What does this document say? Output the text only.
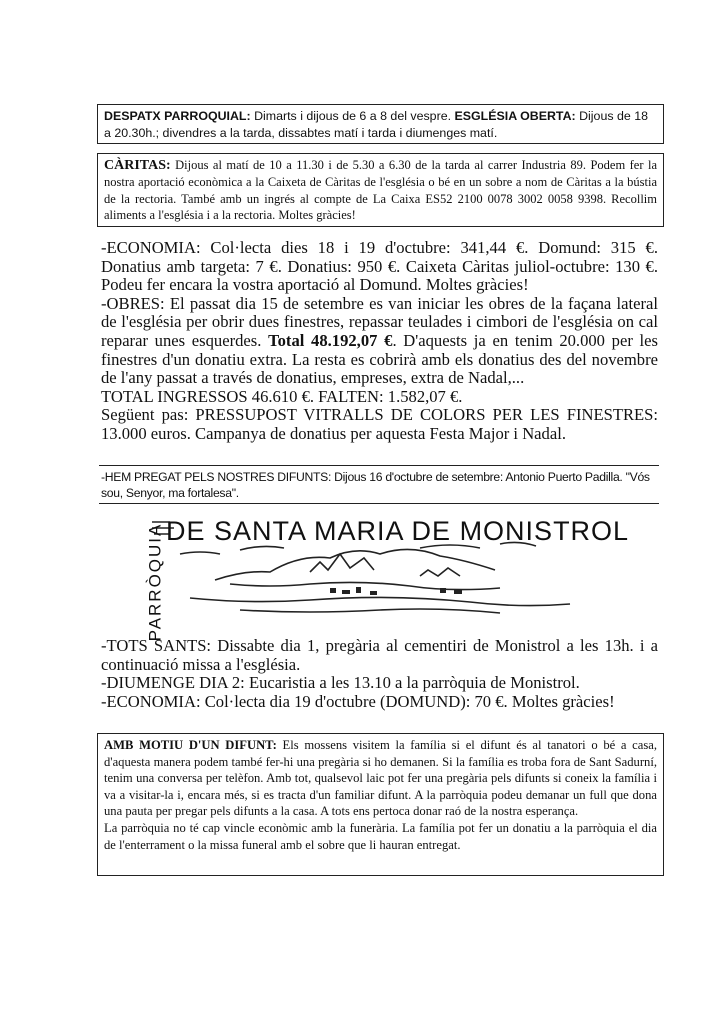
DESPATX PARROQUIAL: Dimarts i dijous de 6 a 8 del vespre. ESGLÉSIA OBERTA: Dijous de 18 a 20.30h.; divendres a la tarda, dissabtes matí i tarda i diumenges matí.
CÀRITAS: Dijous al matí de 10 a 11.30 i de 5.30 a 6.30 de la tarda al carrer Industria 89. Podem fer la nostra aportació econòmica a la Caixeta de Càritas de l'església o bé en un sobre a nom de Càritas a la bústia de la rectoria. També amb un ingrés al compte de La Caixa ES52 2100 0078 3002 0058 9398. Recollim aliments a l'església i a la rectoria. Moltes gràcies!

-ECONOMIA: Col·lecta dies 18 i 19 d'octubre: 341,44 €. Domund: 315 €. Donatius amb targeta: 7 €. Donatius: 950 €. Caixeta Càritas juliol-octubre: 130 €. Podeu fer encara la vostra aportació al Domund. Moltes gràcies!

-OBRES: El passat dia 15 de setembre es van iniciar les obres de la façana lateral de l'església per obrir dues finestres, repassar teulades i cimbori de l'església on cal reparar unes esquerdes. Total 48.192,07 €. D'aquests ja en tenim 20.000 per les finestres d'un donatiu extra. La resta es cobrirà amb els donatius des del novembre de l'any passat a través de donatius, empreses, extra de Nadal,...

TOTAL INGRESSOS 46.610 €. FALTEN: 1.582,07 €.

Següent pas: PRESSUPOST VITRALLS DE COLORS PER LES FINESTRES: 13.000 euros. Campanya de donatius per aquesta Festa Major i Nadal.

-HEM PREGAT PELS NOSTRES DIFUNTS: Dijous 16 d'octubre de setembre: Antonio Puerto Padilla. "Vós sou, Senyor, ma fortalesa".
DE SANTA MARIA DE MONISTROL
PARRÒQUIA

-TOTS SANTS: Dissabte dia 1, pregària al cementiri de Monistrol a les 13h. i a continuació missa a l'església.

-DIUMENGE DIA 2: Eucaristia a les 13.10 a la parròquia de Monistrol.

-ECONOMIA: Col·lecta dia 19 d'octubre (DOMUND): 70 €. Moltes gràcies!

AMB MOTIU D'UN DIFUNT: Els mossens visitem la família si el difunt és al tanatori o bé a casa, d'aquesta manera podem també fer-hi una pregària si ho demanen. Si la família es troba fora de Sant Sadurní, tenim una conversa per telèfon. Amb tot, qualsevol laic pot fer una pregària pels difunts si coneix la família i va a visitar-la i, encara més, si es tracta d'un familiar difunt. A la parròquia podeu demanar un full que dona una pauta per pregar pels difunts a la casa. A tots ens pertoca donar raó de la nostra esperança.

La parròquia no té cap vincle econòmic amb la funerària. La família pot fer un donatiu a la parròquia el dia de l'enterrament o la missa funeral amb el sobre que li hauran entregat.
